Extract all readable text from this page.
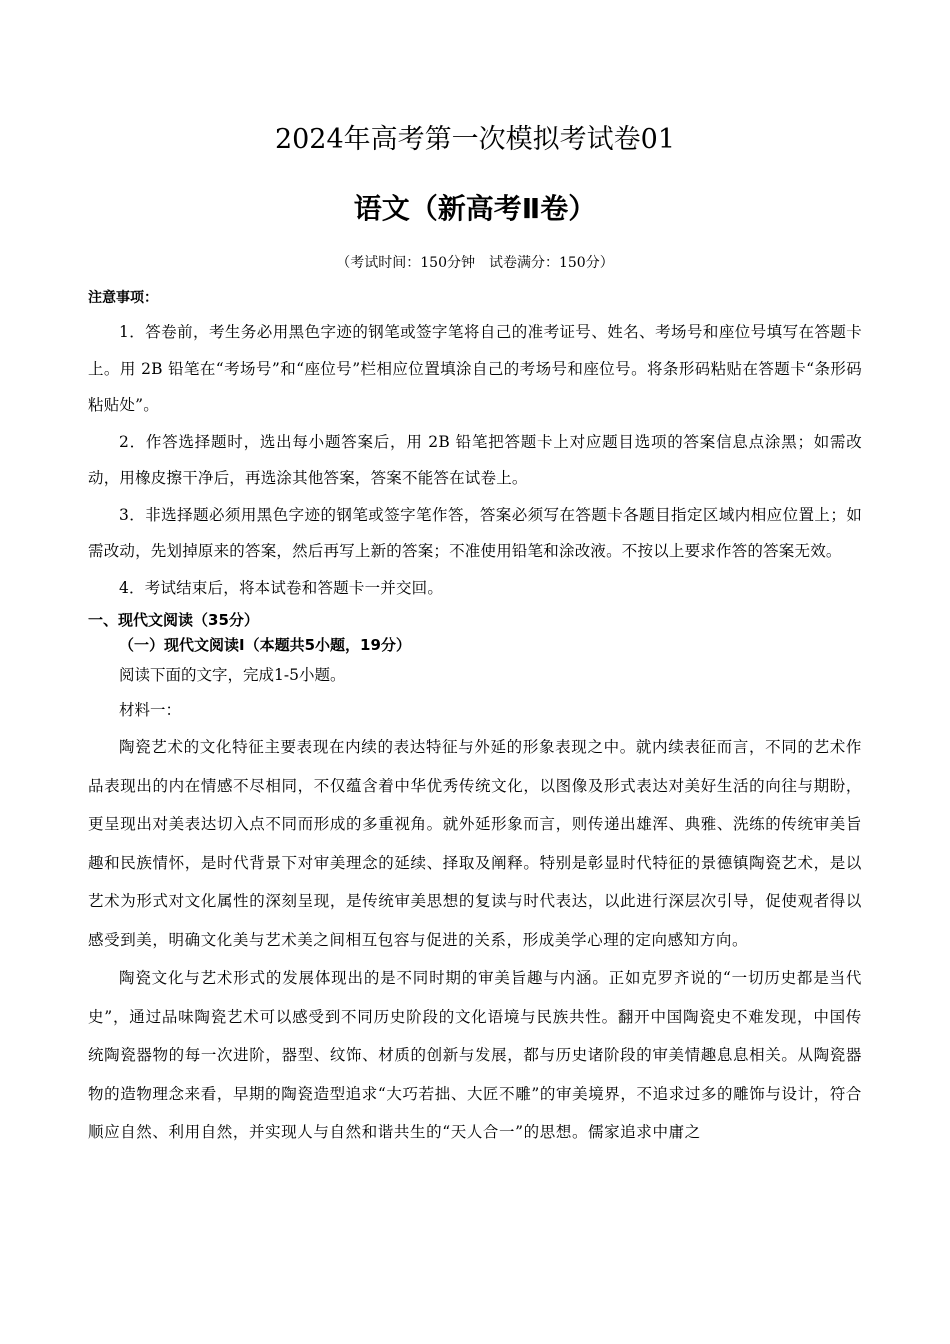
2024年高考第一次模拟考试卷01
语文（新高考Ⅱ卷）
（考试时间：150分钟　试卷满分：150分）
注意事项：

1．答卷前，考生务必用黑色字迹的钢笔或签字笔将自己的准考证号、姓名、考场号和座位号填写在答题卡上。用 2B 铅笔在“考场号”和“座位号”栏相应位置填涂自己的考场号和座位号。将条形码粘贴在答题卡“条形码粘贴处”。

2．作答选择题时，选出每小题答案后，用 2B 铅笔把答题卡上对应题目选项的答案信息点涂黑；如需改动，用橡皮擦干净后，再选涂其他答案，答案不能答在试卷上。

3．非选择题必须用黑色字迹的钢笔或签字笔作答，答案必须写在答题卡各题目指定区域内相应位置上；如需改动，先划掉原来的答案，然后再写上新的答案；不准使用铅笔和涂改液。不按以上要求作答的答案无效。

4．考试结束后，将本试卷和答题卡一并交回。

一、现代文阅读（35分）
（一）现代文阅读Ⅰ（本题共5小题，19分）

阅读下面的文字，完成1-5小题。

材料一：

陶瓷艺术的文化特征主要表现在内续的表达特征与外延的形象表现之中。就内续表征而言，不同的艺术作品表现出的内在情感不尽相同，不仅蕴含着中华优秀传统文化，以图像及形式表达对美好生活的向往与期盼，更呈现出对美表达切入点不同而形成的多重视角。就外延形象而言，则传递出雄浑、典雅、洗练的传统审美旨趣和民族情怀，是时代背景下对审美理念的延续、择取及阐释。特别是彰显时代特征的景德镇陶瓷艺术，是以艺术为形式对文化属性的深刻呈现，是传统审美思想的复读与时代表达，以此进行深层次引导，促使观者得以感受到美，明确文化美与艺术美之间相互包容与促进的关系，形成美学心理的定向感知方向。

陶瓷文化与艺术形式的发展体现出的是不同时期的审美旨趣与内涵。正如克罗齐说的“一切历史都是当代史”，通过品味陶瓷艺术可以感受到不同历史阶段的文化语境与民族共性。翻开中国陶瓷史不难发现，中国传统陶瓷器物的每一次进阶，器型、纹饰、材质的创新与发展，都与历史诸阶段的审美情趣息息相关。从陶瓷器物的造物理念来看，早期的陶瓷造型追求“大巧若拙、大匠不雕”的审美境界，不追求过多的雕饰与设计，符合顺应自然、利用自然，并实现人与自然和谐共生的“天人合一”的思想。儒家追求中庸之
